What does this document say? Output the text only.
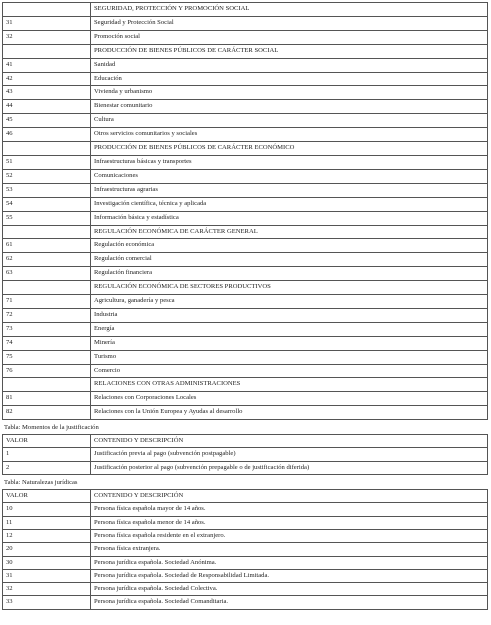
	SEGURIDAD, PROTECCIÓN Y PROMOCIÓN SOCIAL
31	Seguridad y Protección Social
32	Promoción social
	PRODUCCIÓN DE BIENES PÚBLICOS DE CARÁCTER SOCIAL
41	Sanidad
42	Educación
43	Vivienda y urbanismo
44	Bienestar comunitario
45	Cultura
46	Otros servicios comunitarios y sociales
	PRODUCCIÓN DE BIENES PÚBLICOS DE CARÁCTER ECONÓMICO
51	Infraestructuras básicas y transportes
52	Comunicaciones
53	Infraestructuras agrarias
54	Investigación científica, técnica y aplicada
55	Información básica y estadística
	REGULACIÓN ECONÓMICA DE CARÁCTER GENERAL
61	Regulación económica
62	Regulación comercial
63	Regulación financiera
	REGULACIÓN ECONÓMICA DE SECTORES PRODUCTIVOS
71	Agricultura, ganadería y pesca
72	Industria
73	Energía
74	Minería
75	Turismo
76	Comercio
	RELACIONES CON OTRAS ADMINISTRACIONES
81	Relaciones con Corporaciones Locales
82	Relaciones con la Unión Europea y Ayudas al desarrollo
Tabla: Momentos de la justificación
VALOR	CONTENIDO Y DESCRIPCIÓN
1	Justificación previa al pago (subvención postpagable)
2	Justificación posterior al pago (subvención prepagable o de justificación diferida)
Tabla: Naturalezas jurídicas
VALOR	CONTENIDO Y DESCRIPCIÓN
10	Persona física española mayor de 14 años.
11	Persona física española menor de 14 años.
12	Persona física española residente en el extranjero.
20	Persona física extranjera.
30	Persona jurídica española. Sociedad Anónima.
31	Persona jurídica española. Sociedad de Responsabilidad Limitada.
32	Persona jurídica española. Sociedad Colectiva.
33	Persona jurídica española. Sociedad Comanditaria.
